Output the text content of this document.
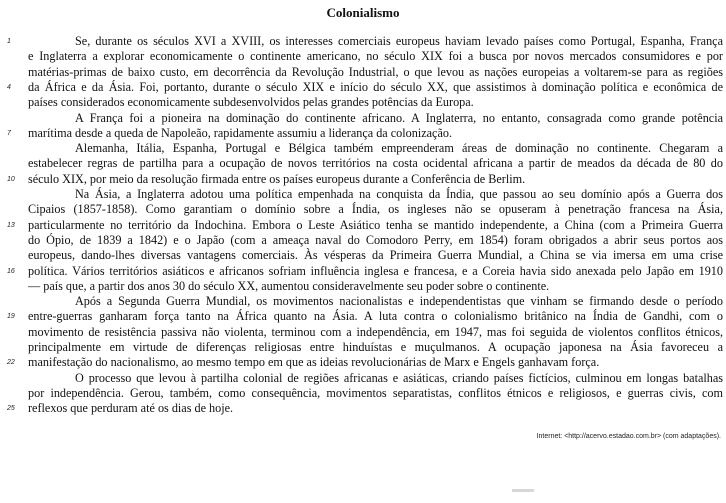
Colonialismo
Se, durante os séculos XVI a XVIII, os interesses comerciais europeus haviam levado países como Portugal, Espanha, França
e Inglaterra a explorar economicamente o continente americano, no século XIX foi a busca por novos mercados consumidores e por
matérias-primas de baixo custo, em decorrência da Revolução Industrial, o que levou as nações europeias a voltarem-se para as regiões
da África e da Ásia. Foi, portanto, durante o século XIX e início do século XX, que assistimos à dominação política e econômica de
países considerados economicamente subdesenvolvidos pelas grandes potências da Europa.
A França foi a pioneira na dominação do continente africano. A Inglaterra, no entanto, consagrada como grande potência
marítima desde a queda de Napoleão, rapidamente assumiu a liderança da colonização.
Alemanha, Itália, Espanha, Portugal e Bélgica também empreenderam áreas de dominação no continente. Chegaram a
estabelecer regras de partilha para a ocupação de novos territórios na costa ocidental africana a partir de meados da década de 80 do
século XIX, por meio da resolução firmada entre os países europeus durante a Conferência de Berlim.
Na Ásia, a Inglaterra adotou uma política empenhada na conquista da Índia, que passou ao seu domínio após a Guerra dos
Cipaios (1857-1858). Como garantiam o domínio sobre a Índia, os ingleses não se opuseram à penetração francesa na Ásia,
particularmente no território da Indochina. Embora o Leste Asiático tenha se mantido independente, a China (com a Primeira Guerra
do Ópio, de 1839 a 1842) e o Japão (com a ameaça naval do Comodoro Perry, em 1854) foram obrigados a abrir seus portos aos
europeus, dando-lhes diversas vantagens comerciais. Às vésperas da Primeira Guerra Mundial, a China se via imersa em uma crise
política. Vários territórios asiáticos e africanos sofriam influência inglesa e francesa, e a Coreia havia sido anexada pelo Japão em 1910
— país que, a partir dos anos 30 do século XX, aumentou consideravelmente seu poder sobre o continente.
Após a Segunda Guerra Mundial, os movimentos nacionalistas e independentistas que vinham se firmando desde o período
entre-guerras ganharam força tanto na África quanto na Ásia. A luta contra o colonialismo britânico na Índia de Gandhi, com o
movimento de resistência passiva não violenta, terminou com a independência, em 1947, mas foi seguida de violentos conflitos étnicos,
principalmente em virtude de diferenças religiosas entre hinduístas e muçulmanos. A ocupação japonesa na Ásia favoreceu a
manifestação do nacionalismo, ao mesmo tempo em que as ideias revolucionárias de Marx e Engels ganhavam força.
O processo que levou à partilha colonial de regiões africanas e asiáticas, criando países fictícios, culminou em longas batalhas
por independência. Gerou, também, como consequência, movimentos separatistas, conflitos étnicos e religiosos, e guerras civis, com
reflexos que perduram até os dias de hoje.
1
4
7
10
13
16
19
22
25
Internet: <http://acervo.estadao.com.br> (com adaptações).
